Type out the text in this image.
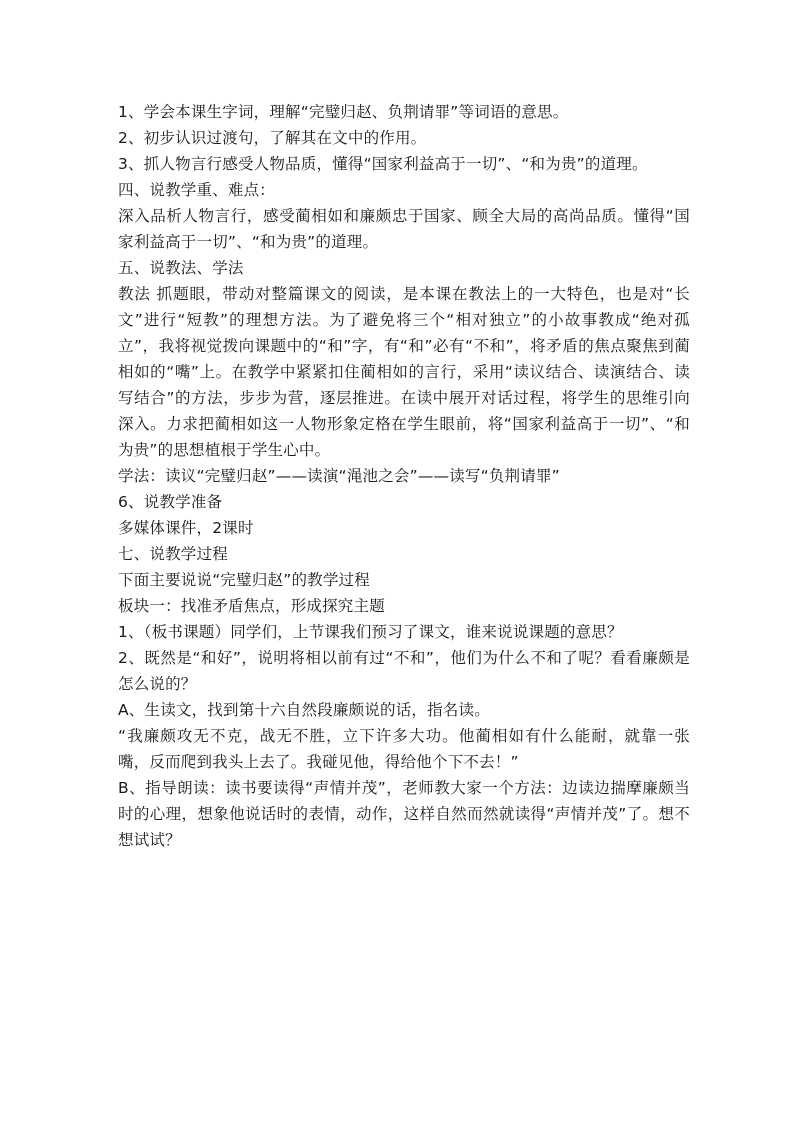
1、学会本课生字词，理解“完璧归赵、负荆请罪”等词语的意思。

2、初步认识过渡句，了解其在文中的作用。

3、抓人物言行感受人物品质，懂得“国家利益高于一切”、“和为贵”的道理。

四、说教学重、难点：

深入品析人物言行，感受蔺相如和廉颇忠于国家、顾全大局的高尚品质。懂得“国家利益高于一切”、“和为贵”的道理。

五、说教法、学法

教法 抓题眼，带动对整篇课文的阅读，是本课在教法上的一大特色，也是对“长文”进行“短教”的理想方法。为了避免将三个“相对独立”的小故事教成“绝对孤立”，我将视觉拨向课题中的“和”字，有“和”必有“不和”，将矛盾的焦点聚焦到蔺相如的“嘴”上。在教学中紧紧扣住蔺相如的言行，采用“读议结合、读演结合、读写结合”的方法，步步为营，逐层推进。在读中展开对话过程，将学生的思维引向深入。力求把蔺相如这一人物形象定格在学生眼前，将“国家利益高于一切”、“和为贵”的思想植根于学生心中。

学法：读议“完璧归赵”——读演“渑池之会”——读写“负荆请罪”

6、说教学准备

多媒体课件，2课时

七、说教学过程

下面主要说说“完璧归赵”的教学过程

板块一：找准矛盾焦点，形成探究主题

1、（板书课题）同学们，上节课我们预习了课文，谁来说说课题的意思？

2、既然是“和好”，说明将相以前有过“不和”，他们为什么不和了呢？看看廉颇是怎么说的？

A、生读文，找到第十六自然段廉颇说的话，指名读。

“我廉颇攻无不克，战无不胜，立下许多大功。他蔺相如有什么能耐，就靠一张嘴，反而爬到我头上去了。我碰见他，得给他个下不去！”

B、指导朗读：读书要读得“声情并茂”，老师教大家一个方法：边读边揣摩廉颇当时的心理，想象他说话时的表情，动作，这样自然而然就读得“声情并茂”了。想不想试试？
